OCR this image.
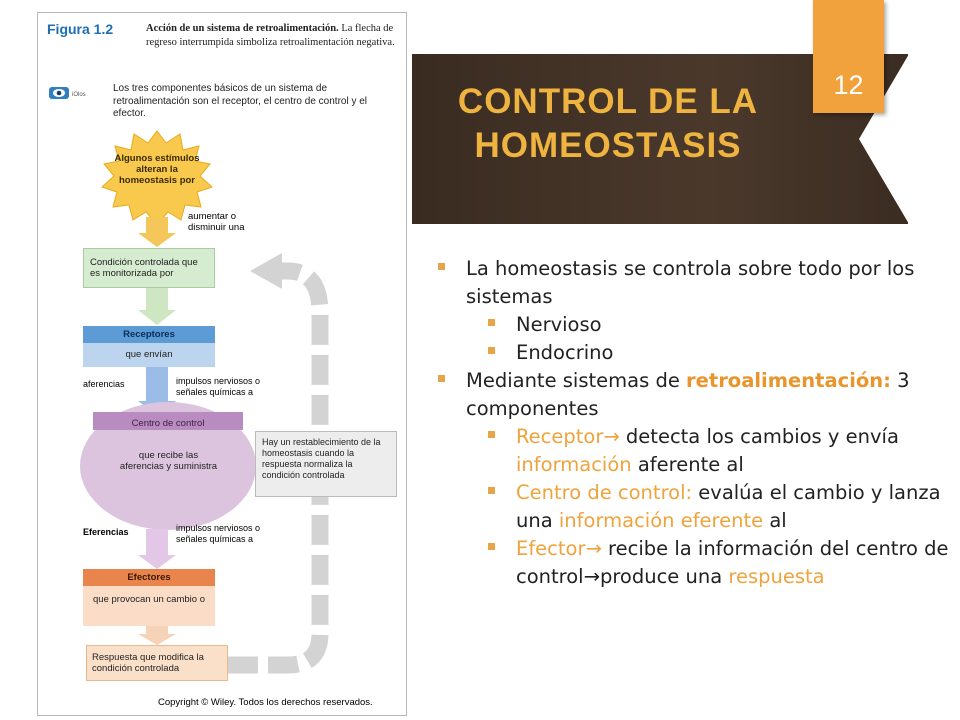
Figura 1.2	Acción de un sistema de retroalimentación. La flecha de regreso interrumpida simboliza retroalimentación negativa.
iOlos
Los tres componentes básicos de un sistema de retroalimentación son el receptor, el centro de control y el efector.
Algunos estímulos alteran la homeostasis por
aumentar o disminuir una
Condición controlada que es monitorizada por
Receptores
que envían
aferencias	impulsos nerviosos o señales químicas a
Centro de control
que recibe las aferencias y suministra
Hay un restablecimiento de la homeostasis cuando la respuesta normaliza la condición controlada
Eferencias	impulsos nerviosos o señales químicas a
Efectores
que provocan un cambio o
Respuesta que modifica la condición controlada
Copyright © Wiley. Todos los derechos reservados.
CONTROL DE LA
HOMEOSTASIS
12
La homeostasis se controla sobre todo por los sistemas
Nervioso
Endocrino
Mediante sistemas de retroalimentación: 3 componentes
Receptor→ detecta los cambios y envía información aferente al
Centro de control: evalúa el cambio y lanza una información eferente al
Efector→ recibe la información del centro de control→produce una respuesta
